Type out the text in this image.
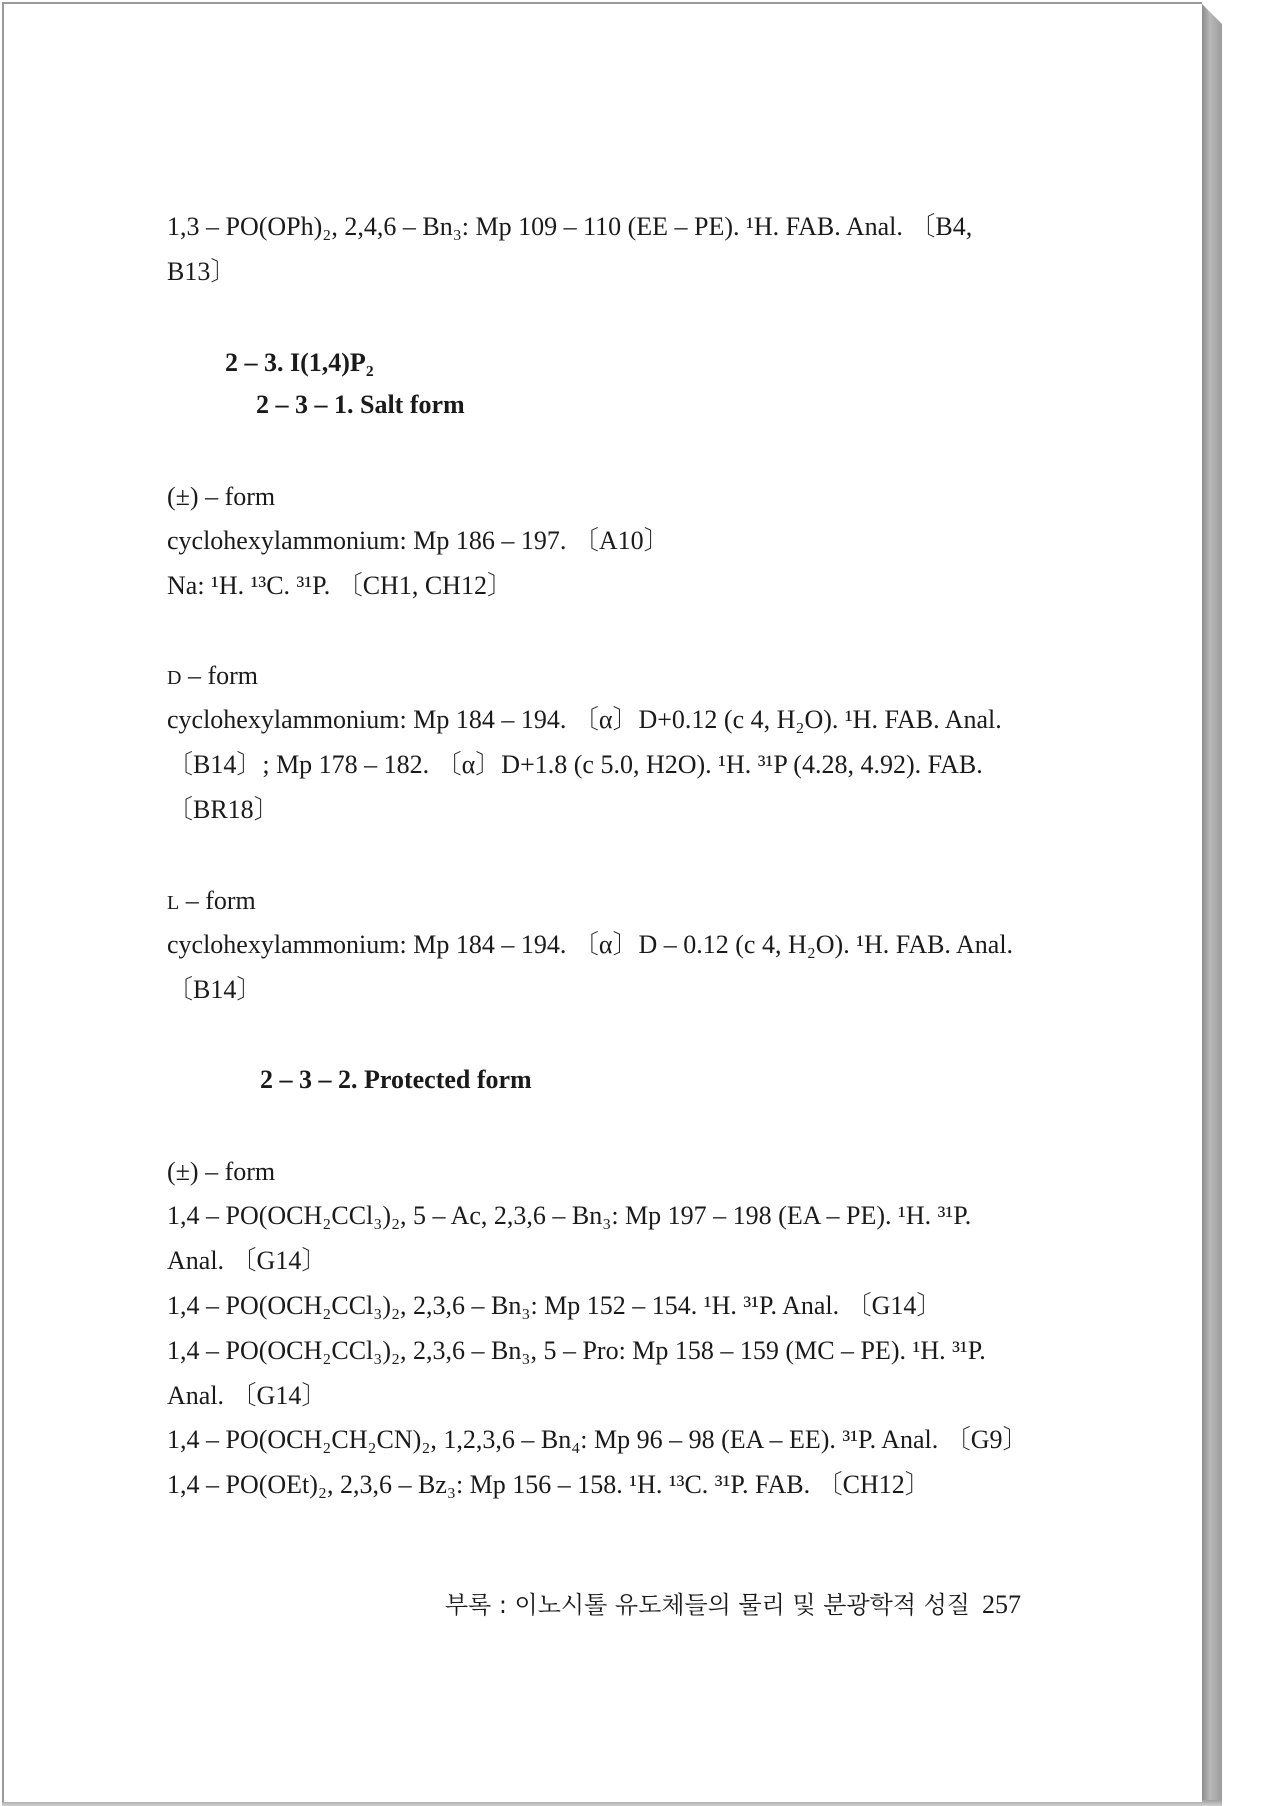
1,3 – PO(OPh)₂, 2,4,6 – Bn₃: Mp 109 – 110 (EE – PE). ¹H. FAB. Anal. 〔B4,
B13〕
2 – 3. I(1,4)P₂
2 – 3 – 1. Salt form
(±) – form
cyclohexylammonium: Mp 186 – 197. 〔A10〕
Na: ¹H. ¹³C. ³¹P. 〔CH1, CH12〕
D – form
cyclohexylammonium: Mp 184 – 194. 〔α〕D+0.12 (c 4, H₂O). ¹H. FAB. Anal.
〔B14〕; Mp 178 – 182. 〔α〕D+1.8 (c 5.0, H2O). ¹H. ³¹P (4.28, 4.92). FAB.
〔BR18〕
L – form
cyclohexylammonium: Mp 184 – 194. 〔α〕D – 0.12 (c 4, H₂O). ¹H. FAB. Anal.
〔B14〕
2 – 3 – 2. Protected form
(±) – form
1,4 – PO(OCH₂CCl₃)₂, 5 – Ac, 2,3,6 – Bn₃: Mp 197 – 198 (EA – PE). ¹H. ³¹P.
Anal. 〔G14〕
1,4 – PO(OCH₂CCl₃)₂, 2,3,6 – Bn₃: Mp 152 – 154. ¹H. ³¹P. Anal. 〔G14〕
1,4 – PO(OCH₂CCl₃)₂, 2,3,6 – Bn₃, 5 – Pro: Mp 158 – 159 (MC – PE). ¹H. ³¹P.
Anal. 〔G14〕
1,4 – PO(OCH₂CH₂CN)₂, 1,2,3,6 – Bn₄: Mp 96 – 98 (EA – EE). ³¹P. Anal. 〔G9〕
1,4 – PO(OEt)₂, 2,3,6 – Bz₃: Mp 156 – 158. ¹H. ¹³C. ³¹P. FAB. 〔CH12〕
부록 : 이노시톨 유도체들의 물리 및 분광학적 성질 257
